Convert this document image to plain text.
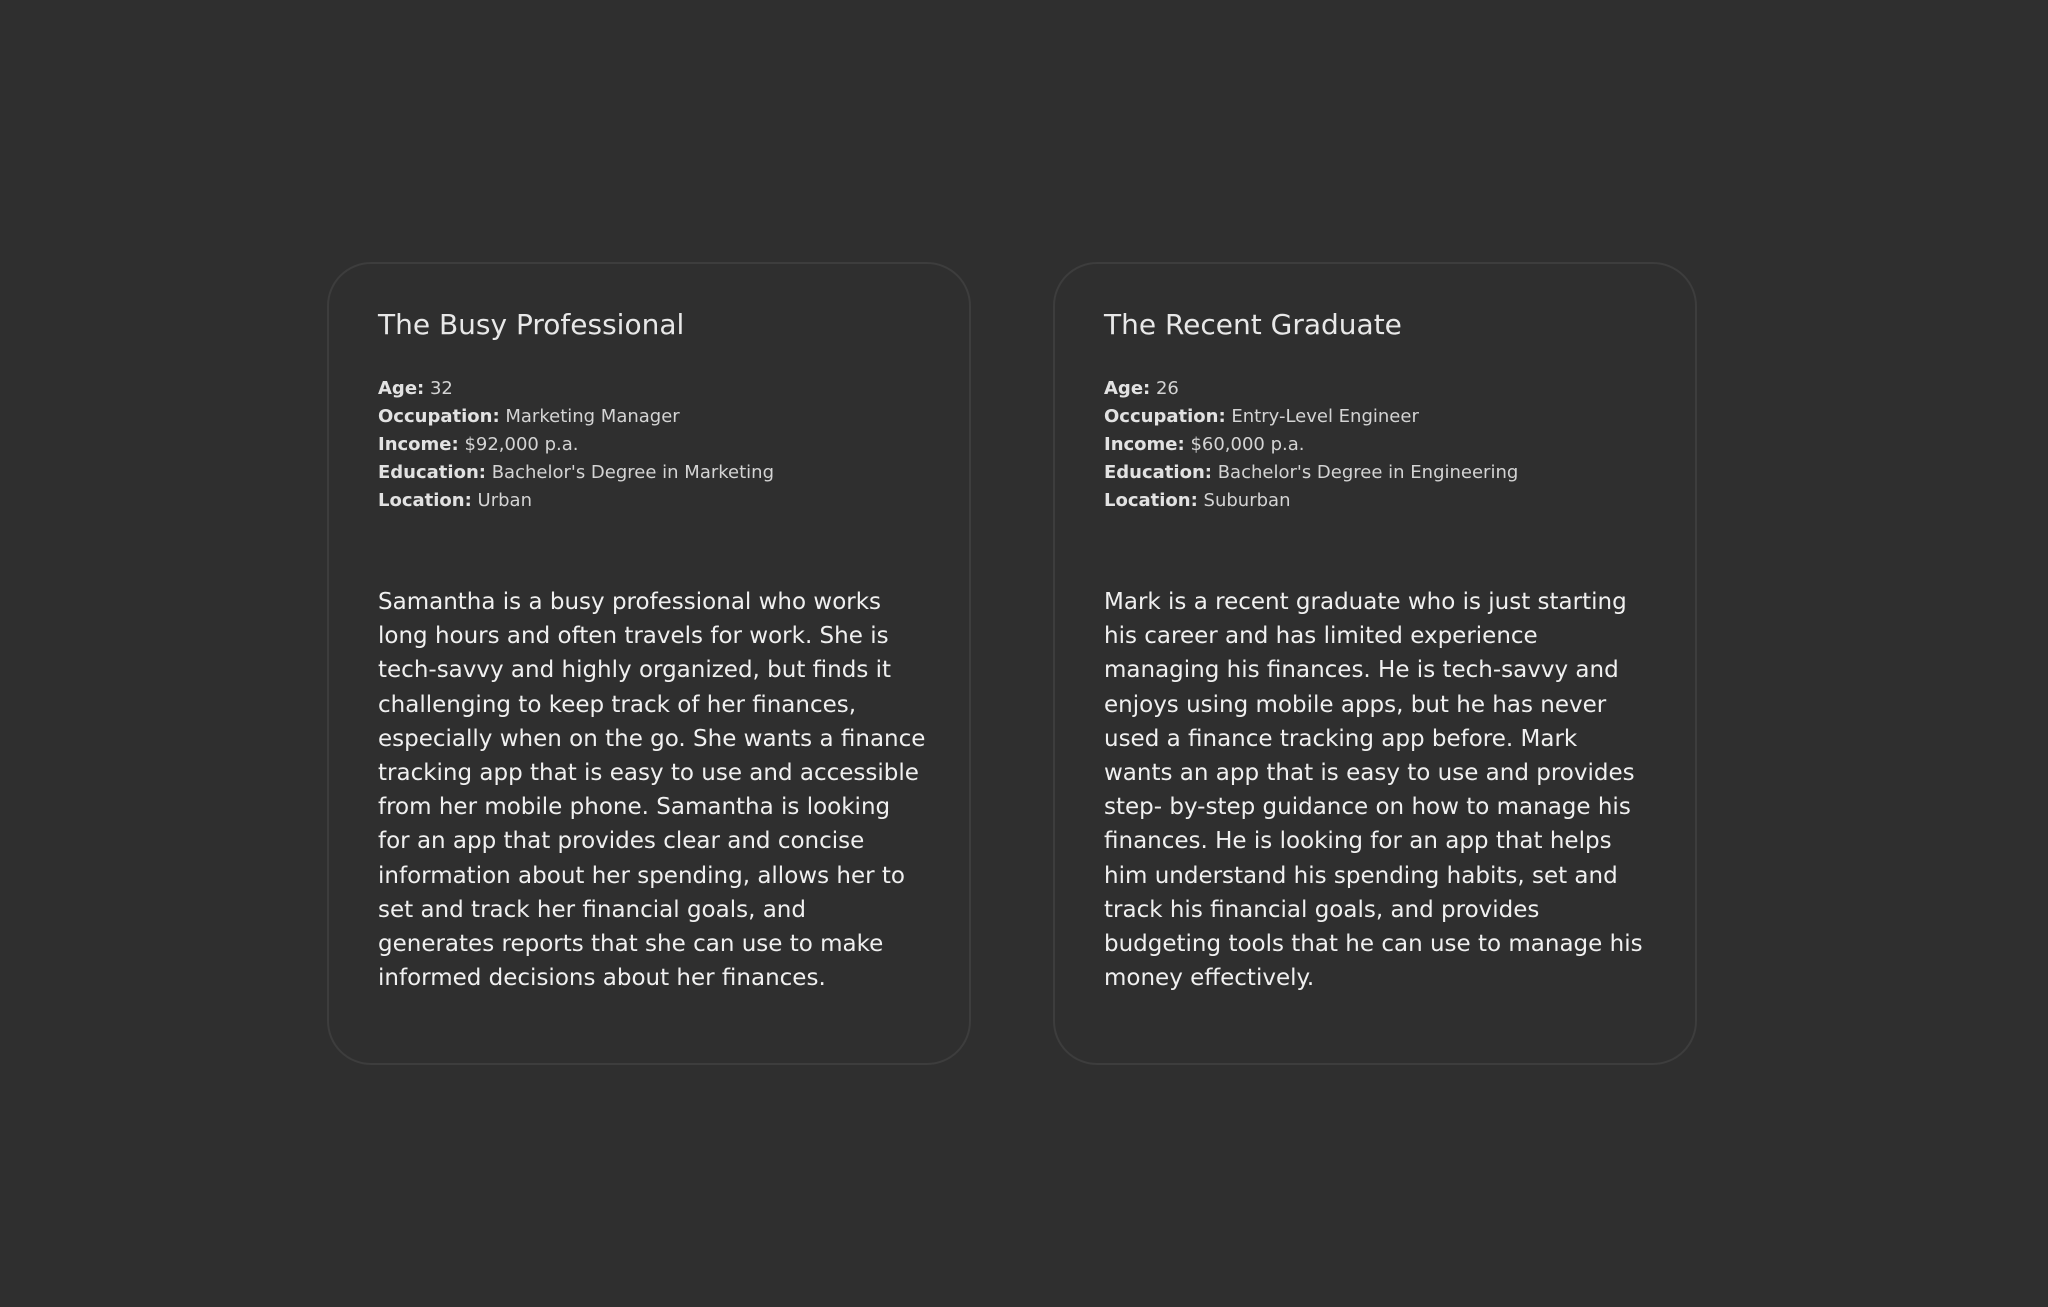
The Busy Professional
Age: 32
Occupation: Marketing Manager
Income: $92,000 p.a.
Education: Bachelor's Degree in Marketing
Location: Urban

Samantha is a busy professional who works long hours and often travels for work. She is tech-savvy and highly organized, but finds it challenging to keep track of her finances, especially when on the go. She wants a finance tracking app that is easy to use and accessible from her mobile phone. Samantha is looking for an app that provides clear and concise information about her spending, allows her to set and track her financial goals, and generates reports that she can use to make informed decisions about her finances.

The Recent Graduate
Age: 26
Occupation: Entry-Level Engineer
Income: $60,000 p.a.
Education: Bachelor's Degree in Engineering
Location: Suburban

Mark is a recent graduate who is just starting his career and has limited experience managing his finances. He is tech-savvy and enjoys using mobile apps, but he has never used a finance tracking app before. Mark wants an app that is easy to use and provides step- by-step guidance on how to manage his finances. He is looking for an app that helps him understand his spending habits, set and track his financial goals, and provides budgeting tools that he can use to manage his money effectively.
